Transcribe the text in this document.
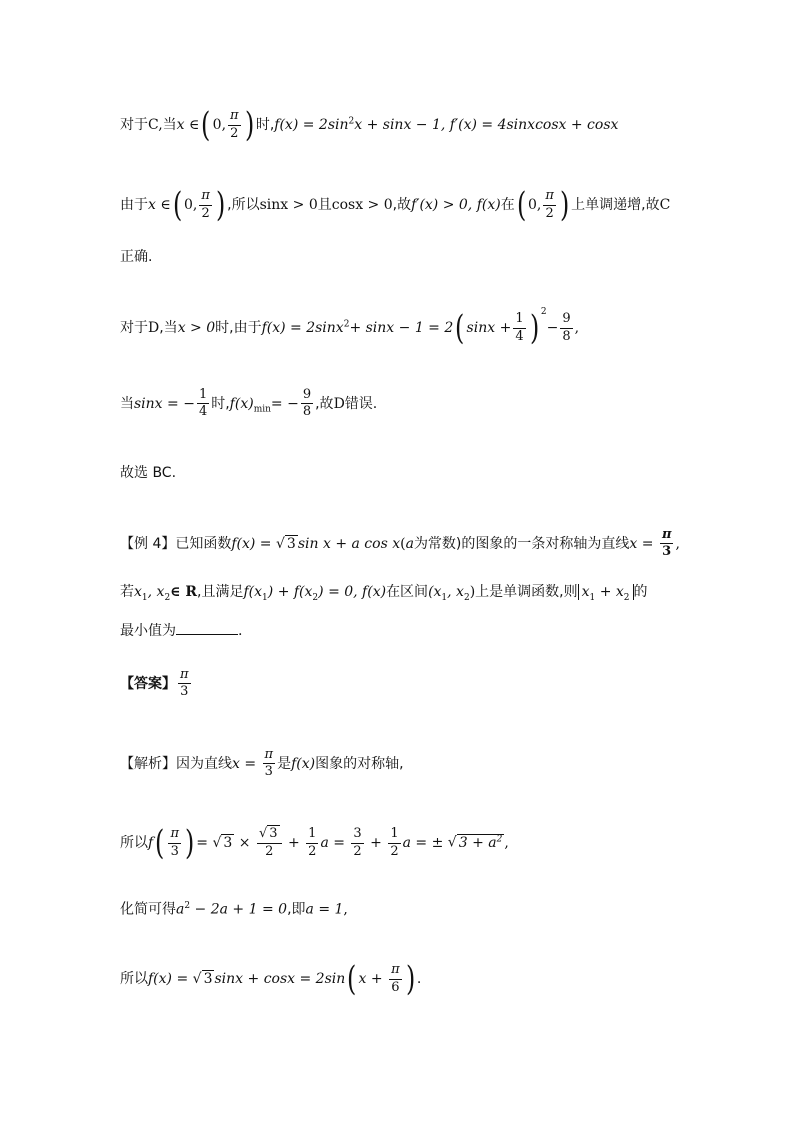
对于C,当x ∈( 0, $\frac{\pi}{2}$ ) 时$,f(x) = 2\sin^2x + \sin x - 1$, f′(x) = 4sinxcosx + cosx
由于x ∈( 0, $\frac{\pi}{2}$ ) ,所以sinx > 0且cosx > 0,故f′(x) > 0, f(x)在( 0, $\frac{\pi}{2}$ ) 上单调递增,故C
正确.
对于D,当x > 0时,由于f(x) = 2sinx$^2$+ sinx − 1 = 2( $\sin x + \frac{1}{4}$ ) $^2- \frac{9}{8}$ ,
当sinx = − $\frac{1}{4}$ 时$,f(x)_{min}= - \frac{9}{8}$ ,故D错误.
故选 BC.
【例 4】已知函数f(x) = √ 3 sin x + a cos x(a为常数)的图象的一条对称轴为直线$x = \frac{\pi}{3}$ ,
若$x_1$, $x_2\in$ R,且满足$f(x_1) + f(x_2) = 0$, f(x)在区间($x_1$, $x_2$)上是单调函数,则 $x_1 + x_2$ 的
最小值为	.
【答案】 $\frac{\pi}{3}$
【解析】因为直线$x = \frac{\pi}{3}$ 是f(x)图象的对称轴,
所以$f( \frac{\pi}{3}$ ) = √ $3 \times \frac{√ 3}{2} + \frac{1}{2}$ $a = \frac{3}{2} + \frac{1}{2}$ a = ± √ $3 + a^2$ ,
化简可得$a^2 - 2a + 1 = 0$,即a = 1,
所以f(x) = √ 3 sinx + cosx = 2sin( $x + \frac{\pi}{6}$ ) .
